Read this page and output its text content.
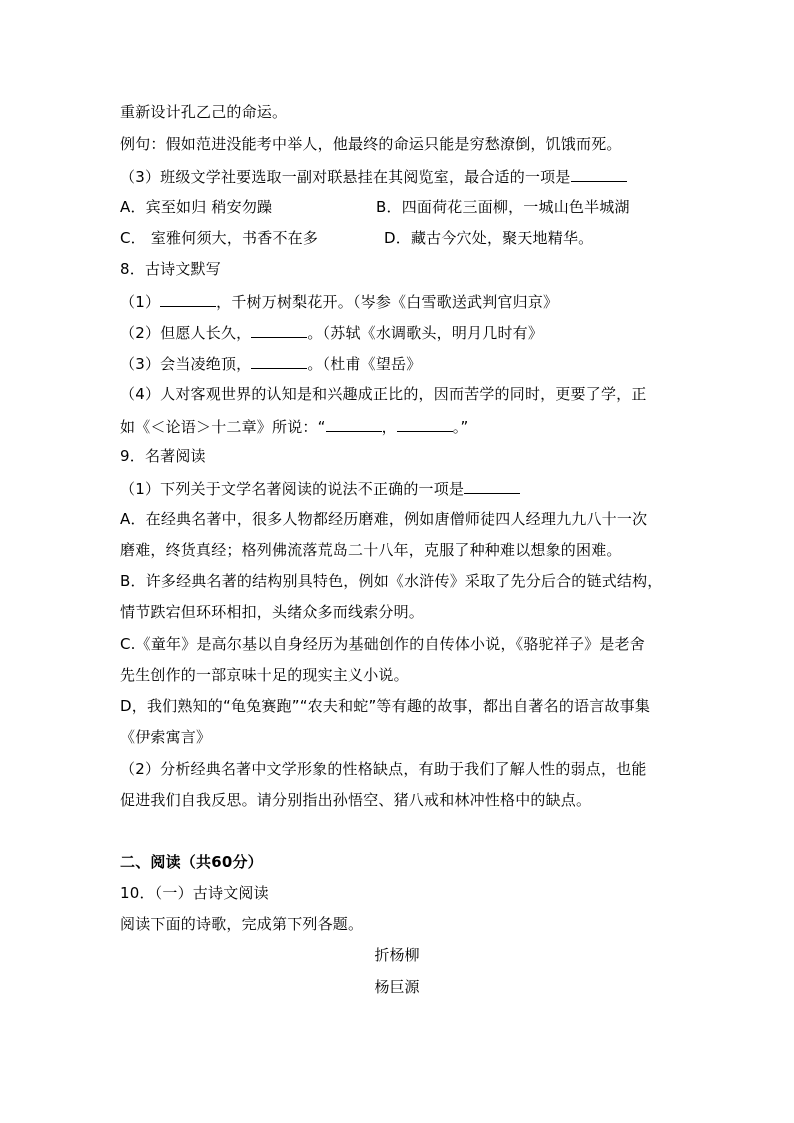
重新设计孔乙己的命运。
例句：假如范进没能考中举人，他最终的命运只能是穷愁潦倒，饥饿而死。
（3）班级文学社要选取一副对联悬挂在其阅览室，最合适的一项是
A．宾至如归 稍安勿躁	B．四面荷花三面柳，一城山色半城湖
C． 室雅何须大，书香不在多	D．藏古今穴处，聚天地精华。
8．古诗文默写
（1）	，千树万树梨花开。（岑参《白雪歌送武判官归京》
（2）但愿人长久，	。（苏轼《水调歌头，明月几时有》
（3）会当凌绝顶，	。（杜甫《望岳》
（4）人对客观世界的认知是和兴趣成正比的，因而苦学的同时，更要了学，正
如《＜论语＞十二章》所说：“	，	。”
9．名著阅读
（1）下列关于文学名著阅读的说法不正确的一项是
A．在经典名著中，很多人物都经历磨难，例如唐僧师徒四人经理九九八十一次
磨难，终货真经；格列佛流落荒岛二十八年，克服了种种难以想象的困难。
B．许多经典名著的结构别具特色，例如《水浒传》采取了先分后合的链式结构，
情节跌宕但环环相扣，头绪众多而线索分明。
C.《童年》是高尔基以自身经历为基础创作的自传体小说，《骆驼祥子》是老舍
先生创作的一部京味十足的现实主义小说。
D，我们熟知的“龟兔赛跑”“农夫和蛇”等有趣的故事，都出自著名的语言故事集
《伊索寓言》
（2）分析经典名著中文学形象的性格缺点，有助于我们了解人性的弱点，也能
促进我们自我反思。请分别指出孙悟空、猪八戒和林冲性格中的缺点。
二、阅读（共60分）
10．（一）古诗文阅读
阅读下面的诗歌，完成第下列各题。
折杨柳
杨巨源
